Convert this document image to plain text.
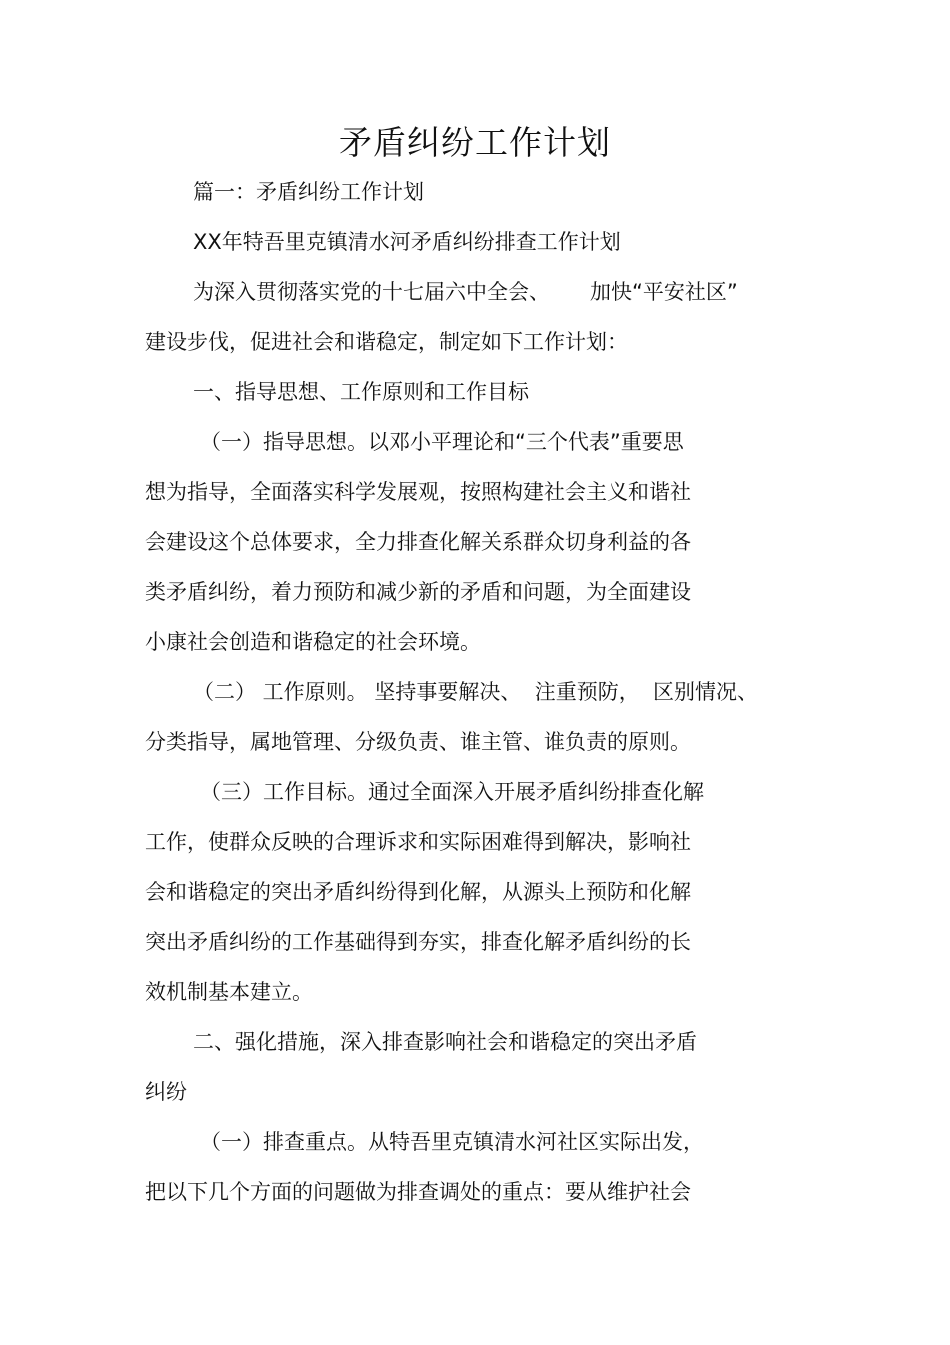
矛盾纠纷工作计划
篇一：矛盾纠纷工作计划
XX年特吾里克镇清水河矛盾纠纷排查工作计划
为深入贯彻落实党的十七届六中全会、      加快“平安社区”
建设步伐，促进社会和谐稳定，制定如下工作计划：
一、指导思想、工作原则和工作目标
（一）指导思想。以邓小平理论和“三个代表”重要思
想为指导，全面落实科学发展观，按照构建社会主义和谐社
会建设这个总体要求，全力排查化解关系群众切身利益的各
类矛盾纠纷，着力预防和减少新的矛盾和问题，为全面建设
小康社会创造和谐稳定的社会环境。
（二） 工作原则。 坚持事要解决、  注重预防，  区别情况、
分类指导，属地管理、分级负责、谁主管、谁负责的原则。
（三）工作目标。通过全面深入开展矛盾纠纷排查化解
工作，使群众反映的合理诉求和实际困难得到解决，影响社
会和谐稳定的突出矛盾纠纷得到化解，从源头上预防和化解
突出矛盾纠纷的工作基础得到夯实，排查化解矛盾纠纷的长
效机制基本建立。
二、强化措施，深入排查影响社会和谐稳定的突出矛盾
纠纷
（一）排查重点。从特吾里克镇清水河社区实际出发，
把以下几个方面的问题做为排查调处的重点：要从维护社会
